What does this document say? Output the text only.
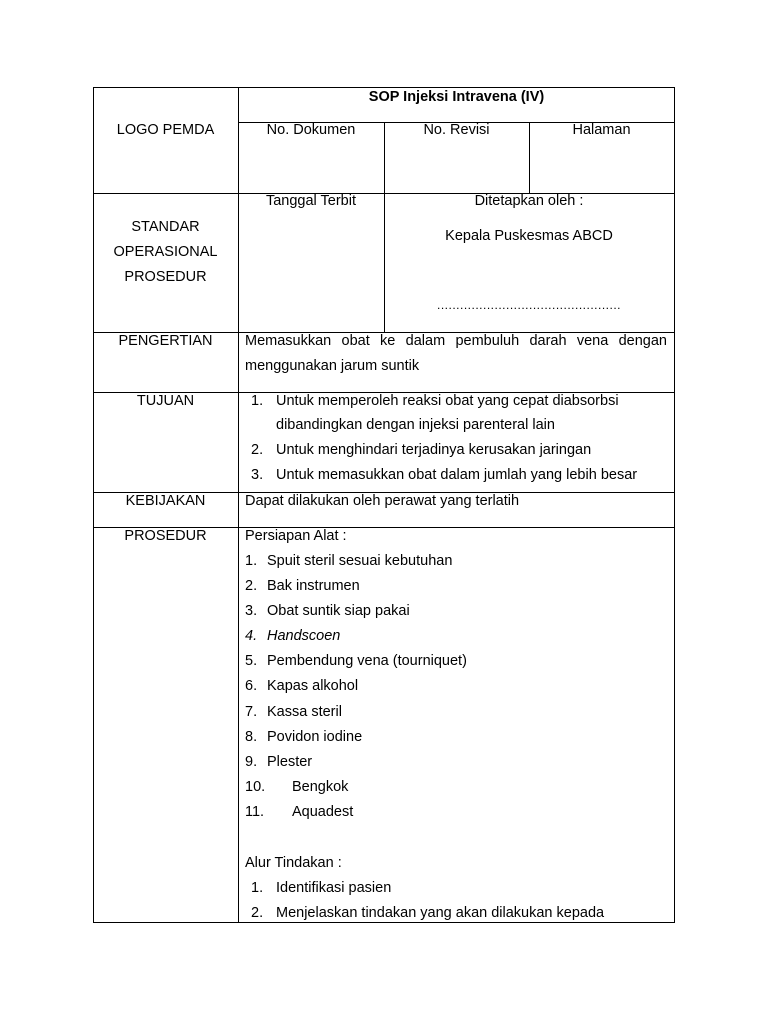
LOGO PEMDA
SOP Injeksi Intravena (IV)
No. Dokumen	No. Revisi	Halaman
STANDAR
OPERASIONAL
PROSEDUR
Tanggal Terbit	Ditetapkan oleh :
Kepala Puskesmas ABCD
................................................
PENGERTIAN	Memasukkan obat ke dalam pembuluh darah vena dengan
menggunakan jarum suntik
TUJUAN	1. Untuk memperoleh reaksi obat yang cepat diabsorbsi
dibandingkan dengan injeksi parenteral lain
2. Untuk menghindari terjadinya kerusakan jaringan
3. Untuk memasukkan obat dalam jumlah yang lebih besar
KEBIJAKAN	Dapat dilakukan oleh perawat yang terlatih
PROSEDUR	Persiapan Alat :
1. Spuit steril sesuai kebutuhan
2. Bak instrumen
3. Obat suntik siap pakai
4. Handscoen
5. Pembendung vena (tourniquet)
6. Kapas alkohol
7. Kassa steril
8. Povidon iodine
9. Plester
10. Bengkok
11. Aquadest
Alur Tindakan :
1. Identifikasi pasien
2. Menjelaskan tindakan yang akan dilakukan kepada
